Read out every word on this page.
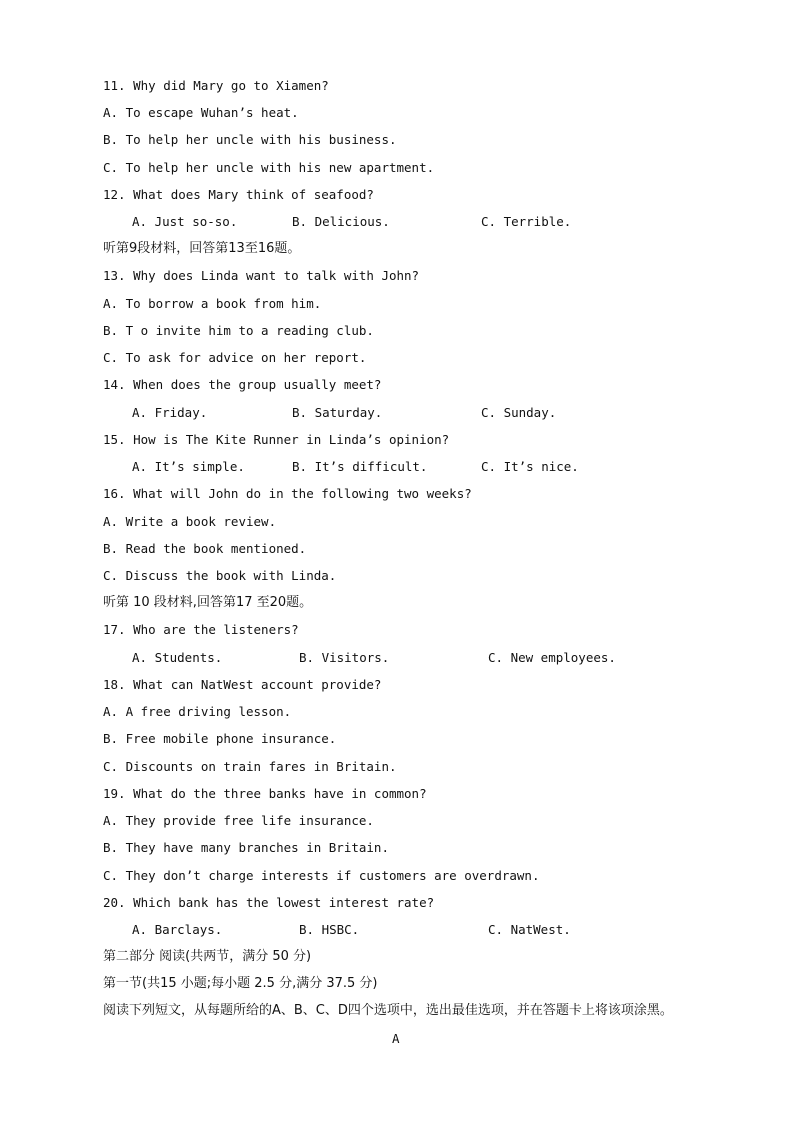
11. Why did Mary go to Xiamen?
A. To escape Wuhan’s heat.
B. To help her uncle with his business.
C. To help her uncle with his new apartment.
12. What does Mary think of seafood?
A. Just so-so.	B. Delicious.	C. Terrible.
听第9段材料，回答第13至16题。
13. Why does Linda want to talk with John?
A. To borrow a book from him.
B. T o invite him to a reading club.
C. To ask for advice on her report.
14. When does the group usually meet?
A. Friday.	B. Saturday.	C. Sunday.
15. How is The Kite Runner in Linda’s opinion?
A. It’s simple.	B. It’s difficult.	C. It’s nice.
16. What will John do in the following two weeks?
A. Write a book review.
B. Read the book mentioned.
C. Discuss the book with Linda.
听第 10 段材料,回答第17 至20题。
17. Who are the listeners?
A. Students.	B. Visitors.	C. New employees.
18. What can NatWest account provide?
A. A free driving lesson.
B. Free mobile phone insurance.
C. Discounts on train fares in Britain.
19. What do the three banks have in common?
A. They provide free life insurance.
B. They have many branches in Britain.
C. They don’t charge interests if customers are overdrawn.
20. Which bank has the lowest interest rate?
A. Barclays.	B. HSBC.	C. NatWest.
第二部分 阅读(共两节，满分 50 分)
第一节(共15 小题;每小题 2.5 分,满分 37.5 分)
阅读下列短文，从每题所给的A、B、C、D四个选项中，选出最佳选项，并在答题卡上将该项涂黑。
A
